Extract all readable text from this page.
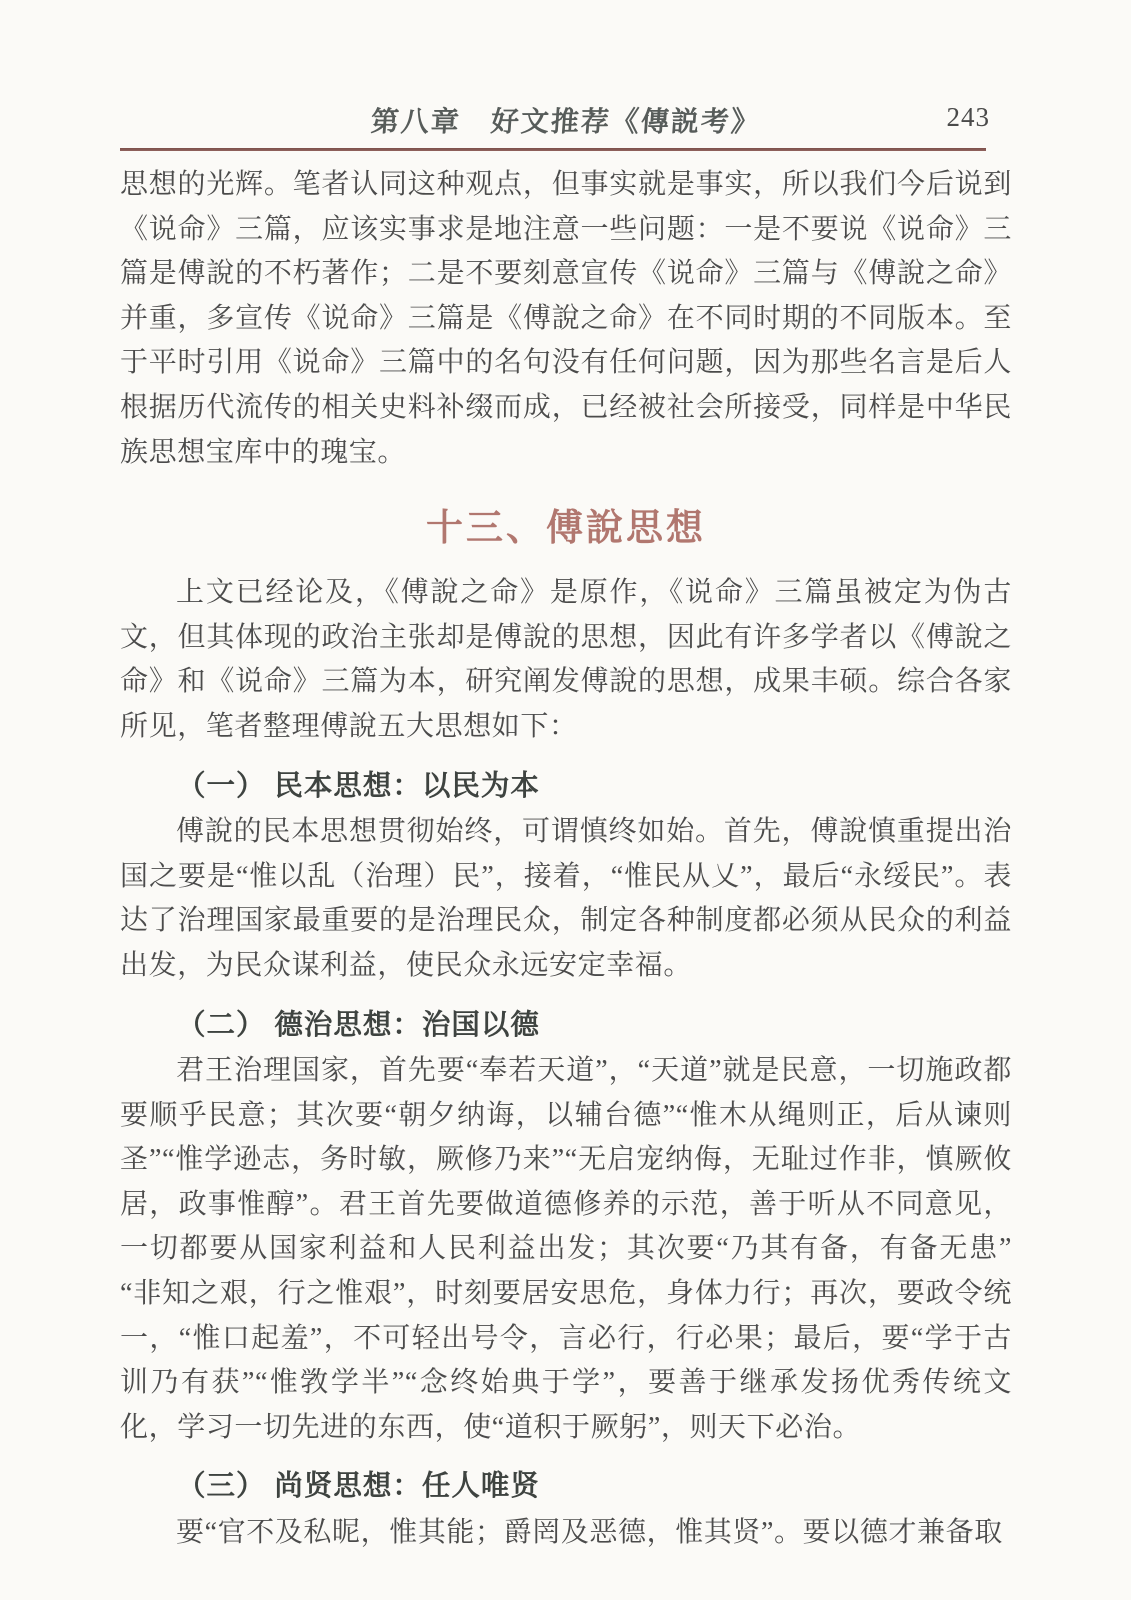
第八章　好文推荐《傳説考》	243

思想的光辉。笔者认同这种观点，但事实就是事实，所以我们今后说到《说命》三篇，应该实事求是地注意一些问题：一是不要说《说命》三篇是傅說的不朽著作；二是不要刻意宣传《说命》三篇与《傅說之命》并重，多宣传《说命》三篇是《傅說之命》在不同时期的不同版本。至于平时引用《说命》三篇中的名句没有任何问题，因为那些名言是后人根据历代流传的相关史料补缀而成，已经被社会所接受，同样是中华民族思想宝库中的瑰宝。

十三、傅說思想

上文已经论及，《傅說之命》是原作，《说命》三篇虽被定为伪古文，但其体现的政治主张却是傅說的思想，因此有许多学者以《傅說之命》和《说命》三篇为本，研究阐发傅說的思想，成果丰硕。综合各家所见，笔者整理傅說五大思想如下：

（一） 民本思想：以民为本

傅說的民本思想贯彻始终，可谓慎终如始。首先，傅說慎重提出治国之要是“惟以乱（治理）民”，接着，“惟民从乂”，最后“永绥民”。表达了治理国家最重要的是治理民众，制定各种制度都必须从民众的利益出发，为民众谋利益，使民众永远安定幸福。

（二） 德治思想：治国以德

君王治理国家，首先要“奉若天道”，“天道”就是民意，一切施政都要顺乎民意；其次要“朝夕纳诲，以辅台德”“惟木从绳则正，后从谏则圣”“惟学逊志，务时敏，厥修乃来”“无启宠纳侮，无耻过作非，慎厥攸居，政事惟醇”。君王首先要做道德修养的示范，善于听从不同意见，一切都要从国家利益和人民利益出发；其次要“乃其有备，有备无患”“非知之艰，行之惟艰”，时刻要居安思危，身体力行；再次，要政令统一，“惟口起羞”，不可轻出号令，言必行，行必果；最后，要“学于古训乃有获”“惟敩学半”“念终始典于学”，要善于继承发扬优秀传统文化，学习一切先进的东西，使“道积于厥躬”，则天下必治。

（三） 尚贤思想：任人唯贤

要“官不及私昵，惟其能；爵罔及恶德，惟其贤”。要以德才兼备取
